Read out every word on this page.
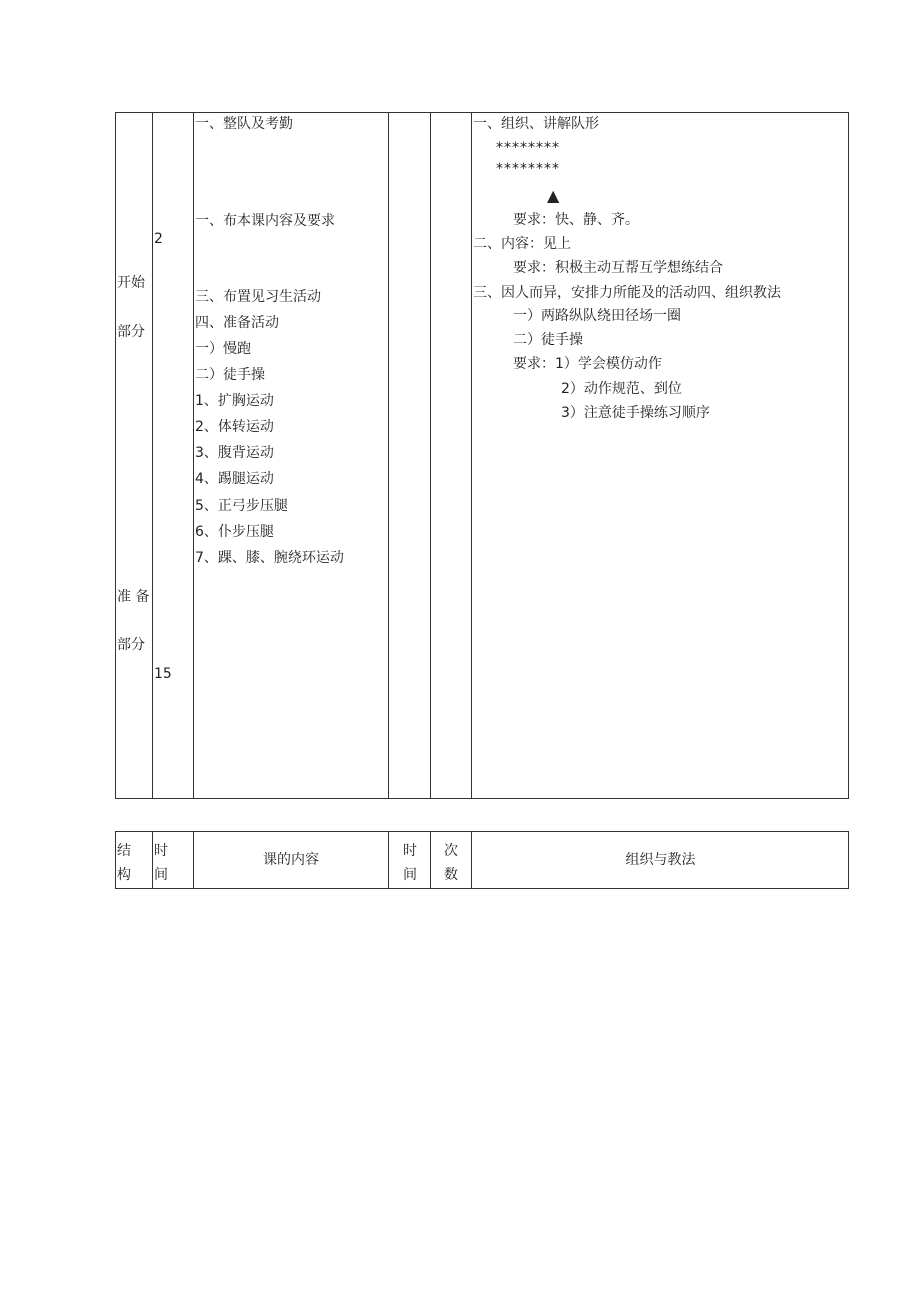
开始
部分
准 备
部分
2
15
一、整队及考勤
一、布本课内容及要求
三、布置见习生活动
四、准备活动
一）慢跑
二）徒手操
1、扩胸运动
2、体转运动
3、腹背运动
4、踢腿运动
5、正弓步压腿
6、仆步压腿
7、踝、膝、腕绕环运动
一、组织、讲解队形
********
********
▲
要求：快、静、齐。
二、内容：见上
要求：积极主动互帮互学想练结合
三、因人而异，安排力所能及的活动四、组织教法
一）两路纵队绕田径场一圈
二）徒手操
要求：1）学会模仿动作
2）动作规范、到位
3）注意徒手操练习顺序
结
构
时
间
课的内容
时
间
次
数
组织与教法
